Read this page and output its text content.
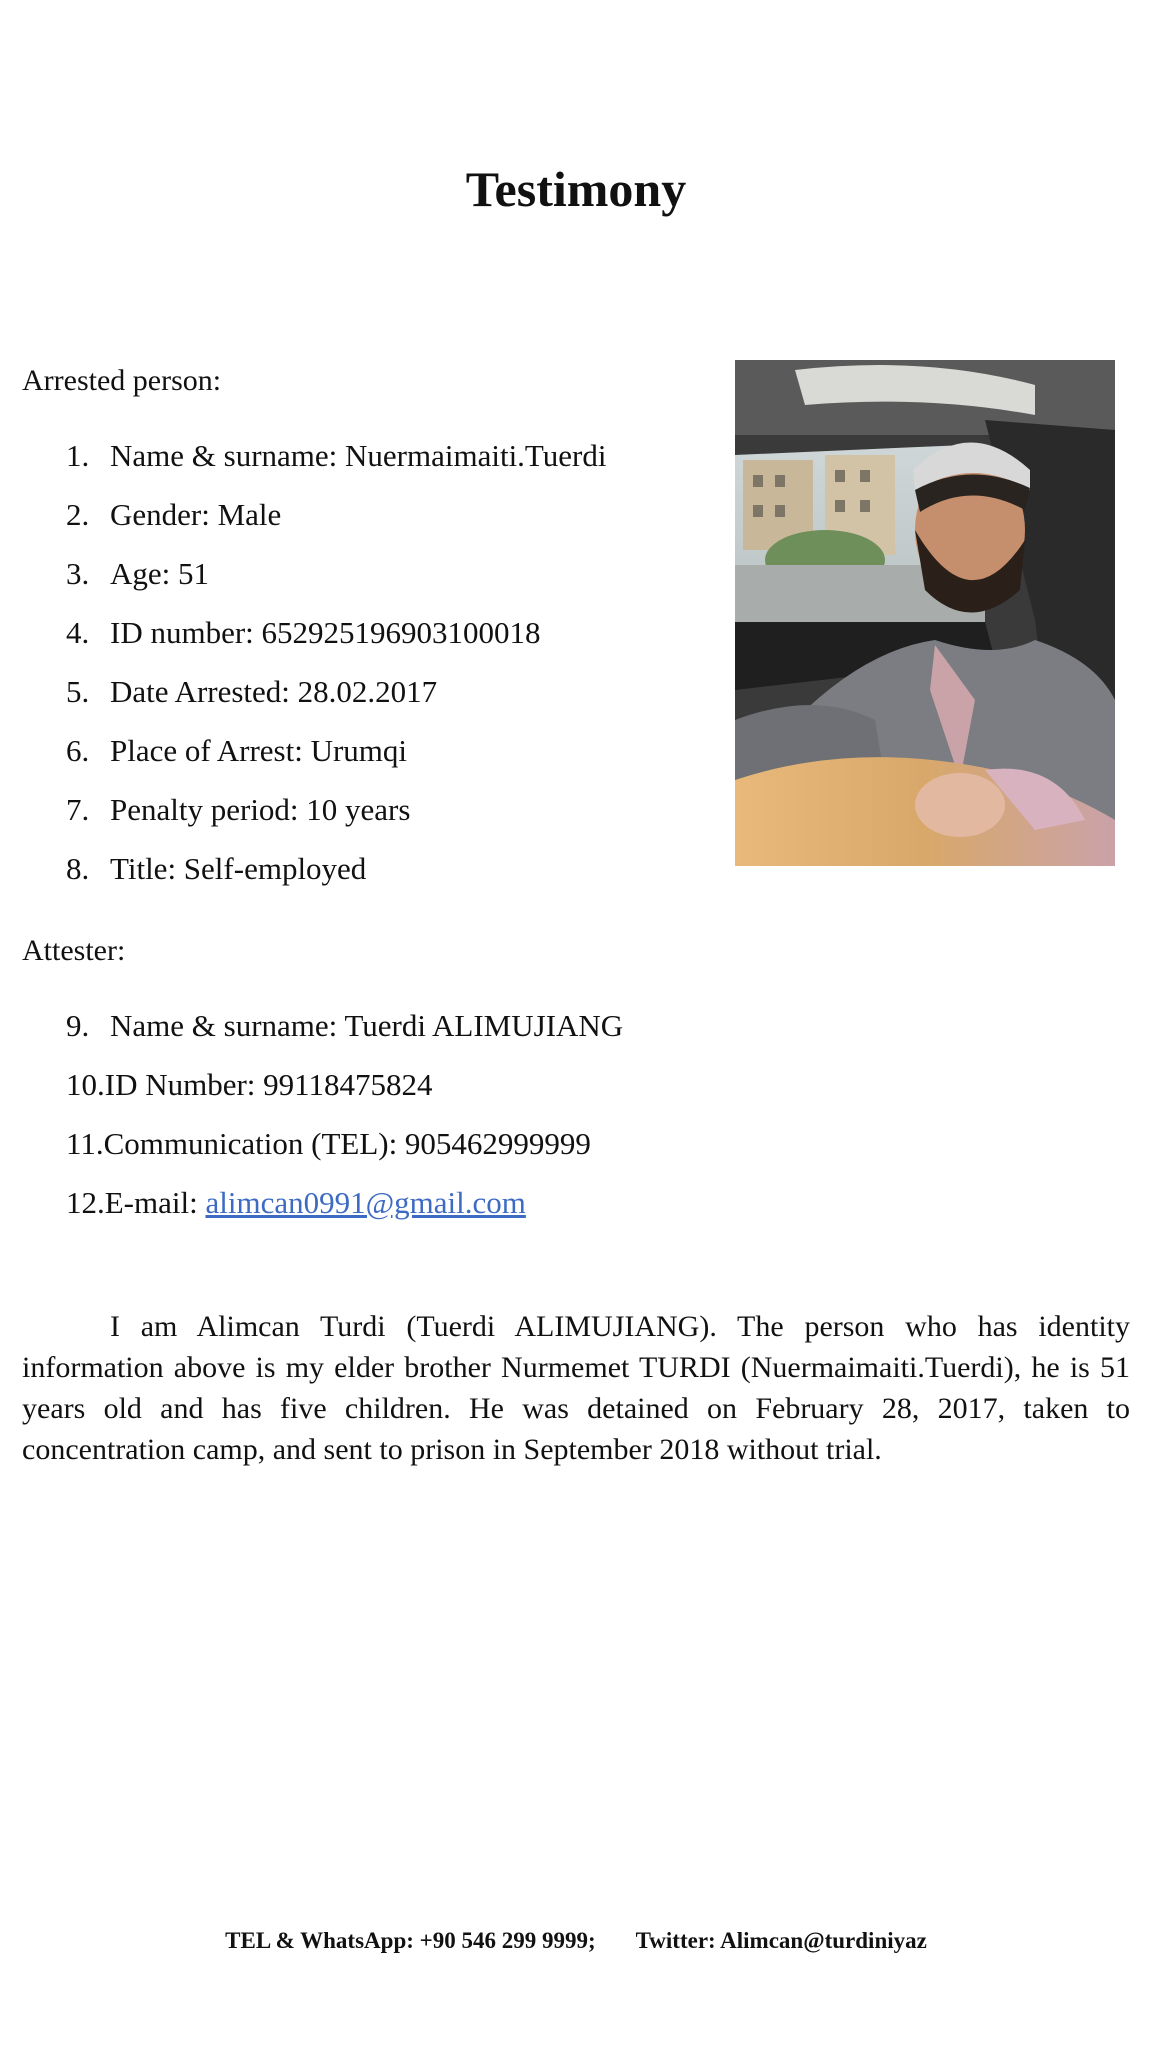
Testimony

Arrested person:

1. Name & surname: Nuermaimaiti.Tuerdi
2. Gender: Male
3. Age: 51
4. ID number: 652925196903100018
5. Date Arrested: 28.02.2017
6. Place of Arrest: Urumqi
7. Penalty period: 10 years
8. Title: Self-employed

Attester:

9. Name & surname: Tuerdi ALIMUJIANG
10.ID Number: 99118475824
11.Communication (TEL): 905462999999
12.E-mail: alimcan0991@gmail.com

I am Alimcan Turdi (Tuerdi ALIMUJIANG). The person who has identity information above is my elder brother Nurmemet TURDI (Nuermaimaiti.Tuerdi), he is 51 years old and has five children. He was detained on February 28, 2017, taken to concentration camp, and sent to prison in September 2018 without trial.

TEL & WhatsApp: +90 546 299 9999; Twitter: Alimcan@turdiniyaz
